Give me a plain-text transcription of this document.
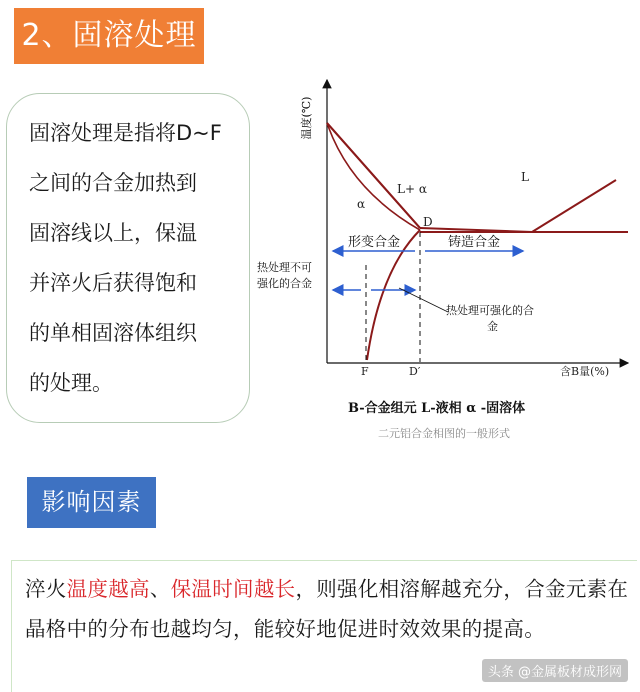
2、固溶处理

固溶处理是指将D~F

之间的合金加热到

固溶线以上，保温

并淬火后获得饱和

的单相固溶体组织

的处理。

温度(℃)
L+ α
L
α
D
F	D′	含B量(%)
形变合金	铸造合金
热处理不可
强化的合金
热处理可强化的合
金
B-合金组元 L-液相 α -固溶体
二元铝合金相图的一般形式
影响因素
淬火温度越高、保温时间越长，则强化相溶解越充分，合金元素在晶格中的分布也越均匀，能较好地促进时效效果的提高。
头条 @金属板材成形网
